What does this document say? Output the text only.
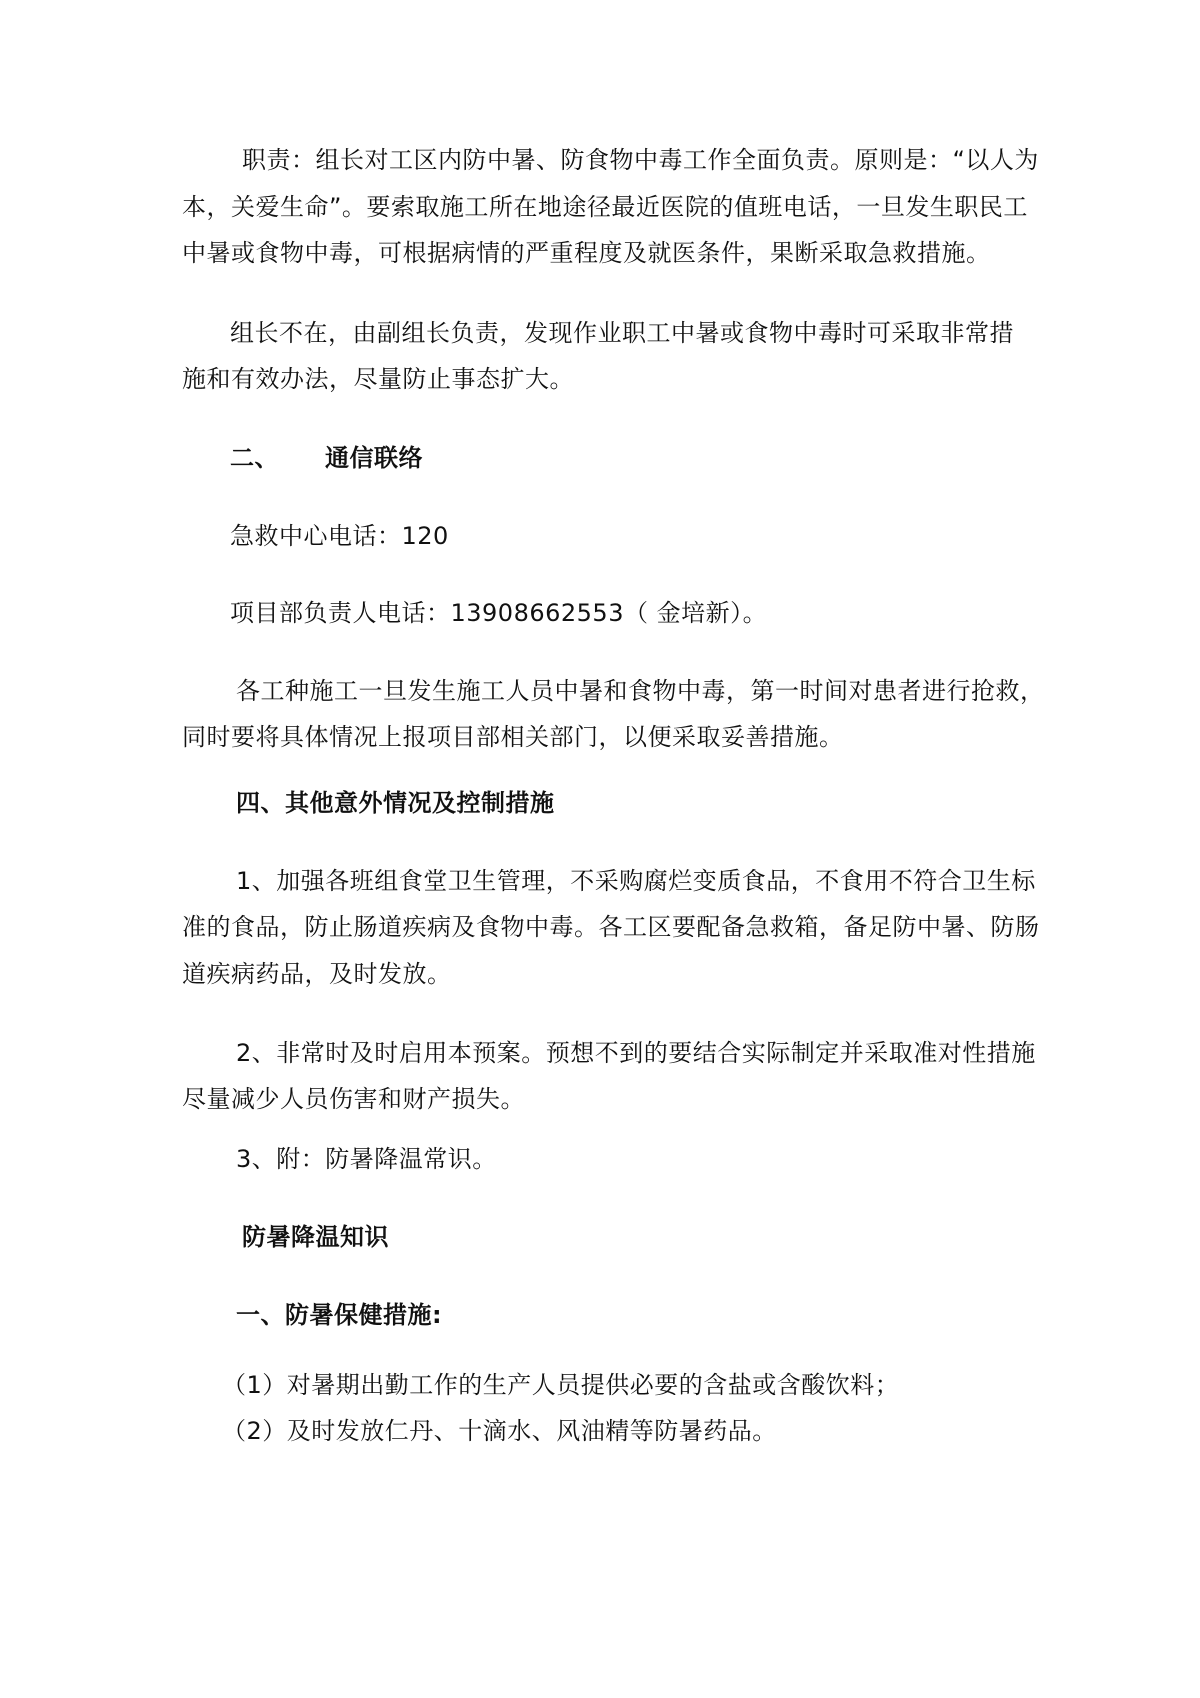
职责：组长对工区内防中暑、防食物中毒工作全面负责。原则是：“以人为
本，关爱生命”。要索取施工所在地途径最近医院的值班电话，一旦发生职民工
中暑或食物中毒，可根据病情的严重程度及就医条件，果断采取急救措施。
组长不在，由副组长负责，发现作业职工中暑或食物中毒时可采取非常措
施和有效办法，尽量防止事态扩大。
二、 通信联络
急救中心电话：120
项目部负责人电话：13908662553（ 金培新）。
各工种施工一旦发生施工人员中暑和食物中毒，第一时间对患者进行抢救，
同时要将具体情况上报项目部相关部门，以便采取妥善措施。
四、其他意外情况及控制措施
1、加强各班组食堂卫生管理，不采购腐烂变质食品，不食用不符合卫生标
准的食品，防止肠道疾病及食物中毒。各工区要配备急救箱，备足防中暑、防肠
道疾病药品，及时发放。
2、非常时及时启用本预案。预想不到的要结合实际制定并采取准对性措施
尽量减少人员伤害和财产损失。
3、附：防暑降温常识。
防暑降温知识
一、防暑保健措施:
（1）对暑期出勤工作的生产人员提供必要的含盐或含酸饮料；
（2）及时发放仁丹、十滴水、风油精等防暑药品。
